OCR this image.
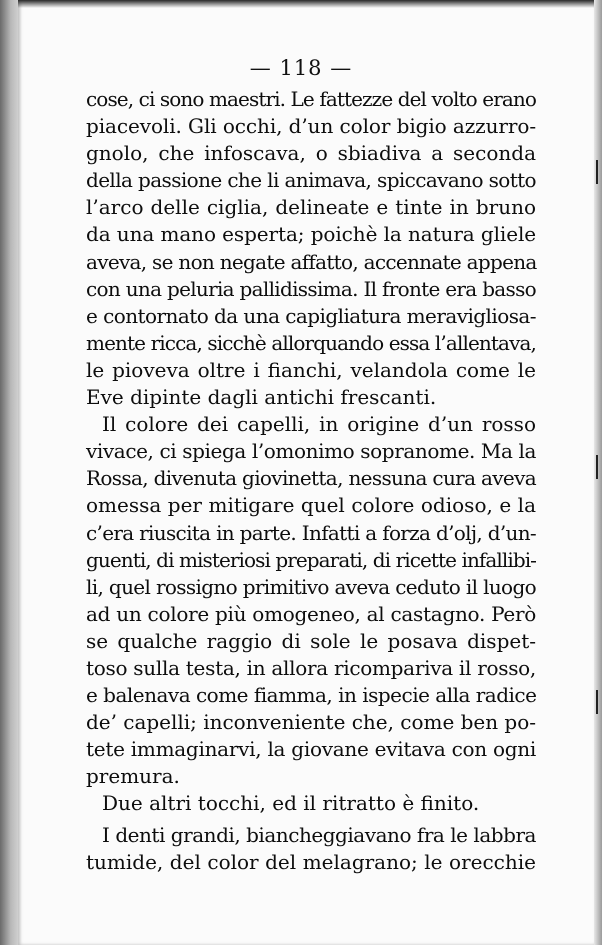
— 118 —
cose, ci sono maestri. Le fattezze del volto erano
piacevoli. Gli occhi, d’un color bigio azzurro-
gnolo, che infoscava, o sbiadiva a seconda
della passione che li animava, spiccavano sotto
l’arco delle ciglia, delineate e tinte in bruno
da una mano esperta; poichè la natura gliele
aveva, se non negate affatto, accennate appena
con una peluria pallidissima. Il fronte era basso
e contornato da una capigliatura meravigliosa-
mente ricca, sicchè allorquando essa l’allentava,
le pioveva oltre i fianchi, velandola come le
Eve dipinte dagli antichi frescanti.
Il colore dei capelli, in origine d’un rosso
vivace, ci spiega l’omonimo sopranome. Ma la
Rossa, divenuta giovinetta, nessuna cura aveva
omessa per mitigare quel colore odioso, e la
c’era riuscita in parte. Infatti a forza d’olj, d’un-
guenti, di misteriosi preparati, di ricette infallibi-
li, quel rossigno primitivo aveva ceduto il luogo
ad un colore più omogeneo, al castagno. Però
se qualche raggio di sole le posava dispet-
toso sulla testa, in allora ricompariva il rosso,
e balenava come fiamma, in ispecie alla radice
de’ capelli; inconveniente che, come ben po-
tete immaginarvi, la giovane evitava con ogni
premura.
Due altri tocchi, ed il ritratto è finito.
I denti grandi, biancheggiavano fra le labbra
tumide, del color del melagrano; le orecchie
